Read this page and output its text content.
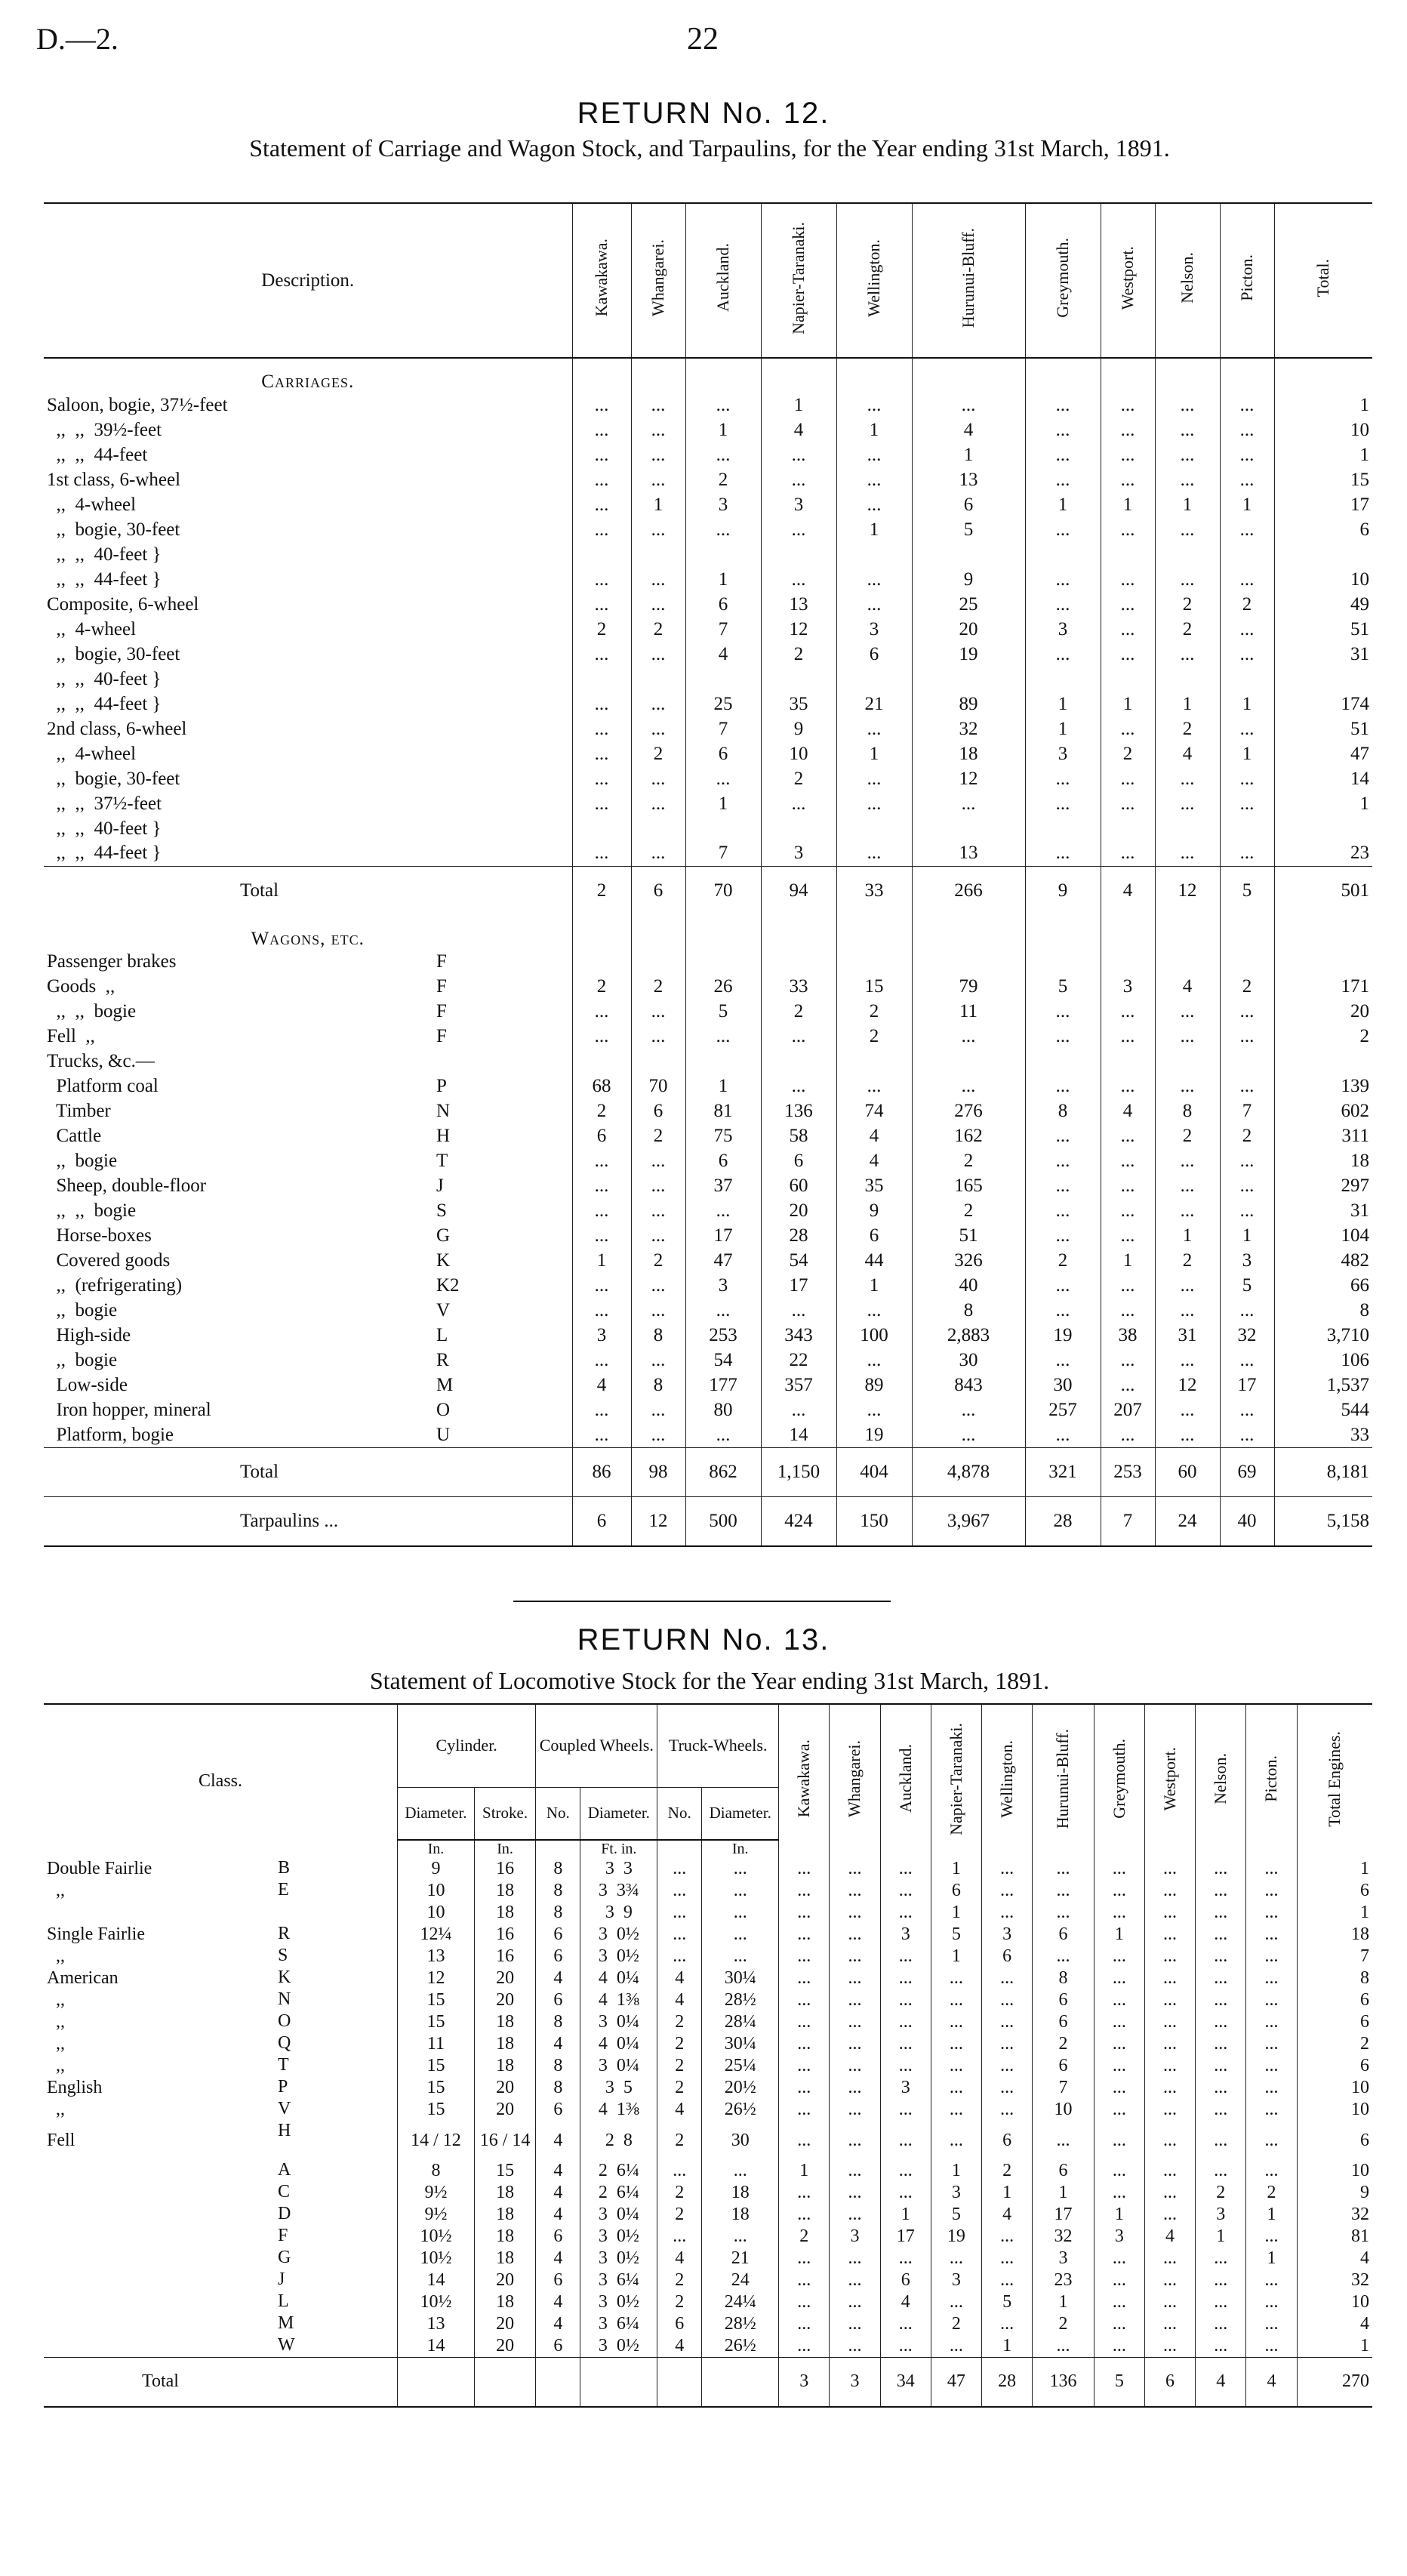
D.—2.	22
RETURN No. 12.
Statement of Carriage and Wagon Stock, and Tarpaulins, for the Year ending 31st March, 1891.
Description.	Kawakawa.	Whangarei.	Auckland.	Napier-Taranaki.	Wellington.	Hurunui-Bluff.	Greymouth.	Westport.	Nelson.	Picton.	Total.
Carriages.											
Saloon, bogie, 37½-feet	...	...	...	1	...	...	...	...	...	...	1
,,  ,,  39½-feet	...	...	1	4	1	4	...	...	...	...	10
,,  ,,  44-feet	...	...	...	...	...	1	...	...	...	...	1
1st class, 6-wheel	...	...	2	...	...	13	...	...	...	...	15
,,  4-wheel	...	1	3	3	...	6	1	1	1	1	17
,,  bogie, 30-feet	...	...	...	...	1	5	...	...	...	...	6
,,  ,,  40-feet }											
,,  ,,  44-feet }	...	...	1	...	...	9	...	...	...	...	10
Composite, 6-wheel	...	...	6	13	...	25	...	...	2	2	49
,,  4-wheel	2	2	7	12	3	20	3	...	2	...	51
,,  bogie, 30-feet	...	...	4	2	6	19	...	...	...	...	31
,,  ,,  40-feet }											
,,  ,,  44-feet }	...	...	25	35	21	89	1	1	1	1	174
2nd class, 6-wheel	...	...	7	9	...	32	1	...	2	...	51
,,  4-wheel	...	2	6	10	1	18	3	2	4	1	47
,,  bogie, 30-feet	...	...	...	2	...	12	...	...	...	...	14
,,  ,,  37½-feet	...	...	1	...	...	...	...	...	...	...	1
,,  ,,  40-feet }											
,,  ,,  44-feet }	...	...	7	3	...	13	...	...	...	...	23
Total	2	6	70	94	33	266	9	4	12	5	501
Wagons, etc.											
Passenger brakes F											

Goods  ,, F	2	2	26	33	15	79	5	3	4	2	171
,,  ,,  bogie F	...	...	5	2	2	11	...	...	...	...	20
Fell  ,, F	...	...	...	...	2	...	...	...	...	...	2
Trucks, &c.—

Platform coal P	68	70	1	...	...	...	...	...	...	...	139
Timber N	2	6	81	136	74	276	8	4	8	7	602
Cattle H	6	2	75	58	4	162	...	...	2	2	311
,,  bogie T	...	...	6	6	4	2	...	...	...	...	18
Sheep, double-floor J	...	...	37	60	35	165	...	...	...	...	297
,,  ,,  bogie S	...	...	...	20	9	2	...	...	...	...	31
Horse-boxes G	...	...	17	28	6	51	...	...	1	1	104
Covered goods K	1	2	47	54	44	326	2	1	2	3	482
,,  (refrigerating) K2	...	...	3	17	1	40	...	...	...	5	66
,,  bogie V	...	...	...	...	...	8	...	...	...	...	8
High-side L	3	8	253	343	100	2,883	19	38	31	32	3,710
,,  bogie R	...	...	54	22	...	30	...	...	...	...	106
Low-side M	4	8	177	357	89	843	30	...	12	17	1,537
Iron hopper, mineral O	...	...	80	...	...	...	257	207	...	...	544
Platform, bogie U	...	...	...	14	19	...	...	...	...	...	33
Total	86	98	862	1,150	404	4,878	321	253	60	69	8,181
Tarpaulins ...	6	12	500	424	150	3,967	28	7	24	40	5,158
RETURN No. 13.
Statement of Locomotive Stock for the Year ending 31st March, 1891.
Class.	Cylinder.		Coupled Wheels.		Truck-Wheels.		Kawakawa.	Whangarei.	Auckland.	Napier-Taranaki.	Wellington.	Hurunui-Bluff.	Greymouth.	Westport.	Nelson.	Picton.	Total Engines.
	Diameter.	Stroke.	No.	Diameter.	No.	Diameter.											
	In.	In.		Ft. in.		In.											
Double Fairlie B	9	16	8	3  3	...	...	...	...	...	1	...	...	...	...	...	...	1
,, E	10	18	8	3  3¾	...	...	...	...	...	6	...	...	...	...	...	...	6

	10	18	8	3  9	...	...	...	...	...	1	...	...	...	...	...	...	1
Single Fairlie R	12¼	16	6	3  0½	...	...	...	...	3	5	3	6	1	...	...	...	18
,, S	13	16	6	3  0½	...	...	...	...	...	1	6	...	...	...	...	...	7
American K	12	20	4	4  0¼	4	30¼	...	...	...	...	...	8	...	...	...	...	8
,, N	15	20	6	4  1⅜	4	28½	...	...	...	...	...	6	...	...	...	...	6
,, O	15	18	8	3  0¼	2	28¼	...	...	...	...	...	6	...	...	...	...	6
,, Q	11	18	4	4  0¼	2	30¼	...	...	...	...	...	2	...	...	...	...	2
,, T	15	18	8	3  0¼	2	25¼	...	...	...	...	...	6	...	...	...	...	6
English P	15	20	8	3  5	2	20½	...	...	3	...	...	7	...	...	...	...	10
,, V	15	20	6	4  1⅜	4	26½	...	...	...	...	...	10	...	...	...	...	10
Fell H	14 / 12	16 / 14	4	2  8	2	30	...	...	...	...	6	...	...	...	...	...	6

A	8	15	4	2  6¼	...	...	1	...	...	1	2	6	...	...	...	...	10

C	9½	18	4	2  6¼	2	18	...	...	...	3	1	1	...	...	2	2	9

D	9½	18	4	3  0¼	2	18	...	...	1	5	4	17	1	...	3	1	32

F	10½	18	6	3  0½	...	...	2	3	17	19	...	32	3	4	1	...	81

G	10½	18	4	3  0½	4	21	...	...	...	...	...	3	...	...	...	1	4

J	14	20	6	3  6¼	2	24	...	...	6	3	...	23	...	...	...	...	32

L	10½	18	4	3  0½	2	24¼	...	...	4	...	5	1	...	...	...	...	10

M	13	20	4	3  6¼	6	28½	...	...	...	2	...	2	...	...	...	...	4

W	14	20	6	3  0½	4	26½	...	...	...	...	1	...	...	...	...	...	1
Total							3	3	34	47	28	136	5	6	4	4	270
